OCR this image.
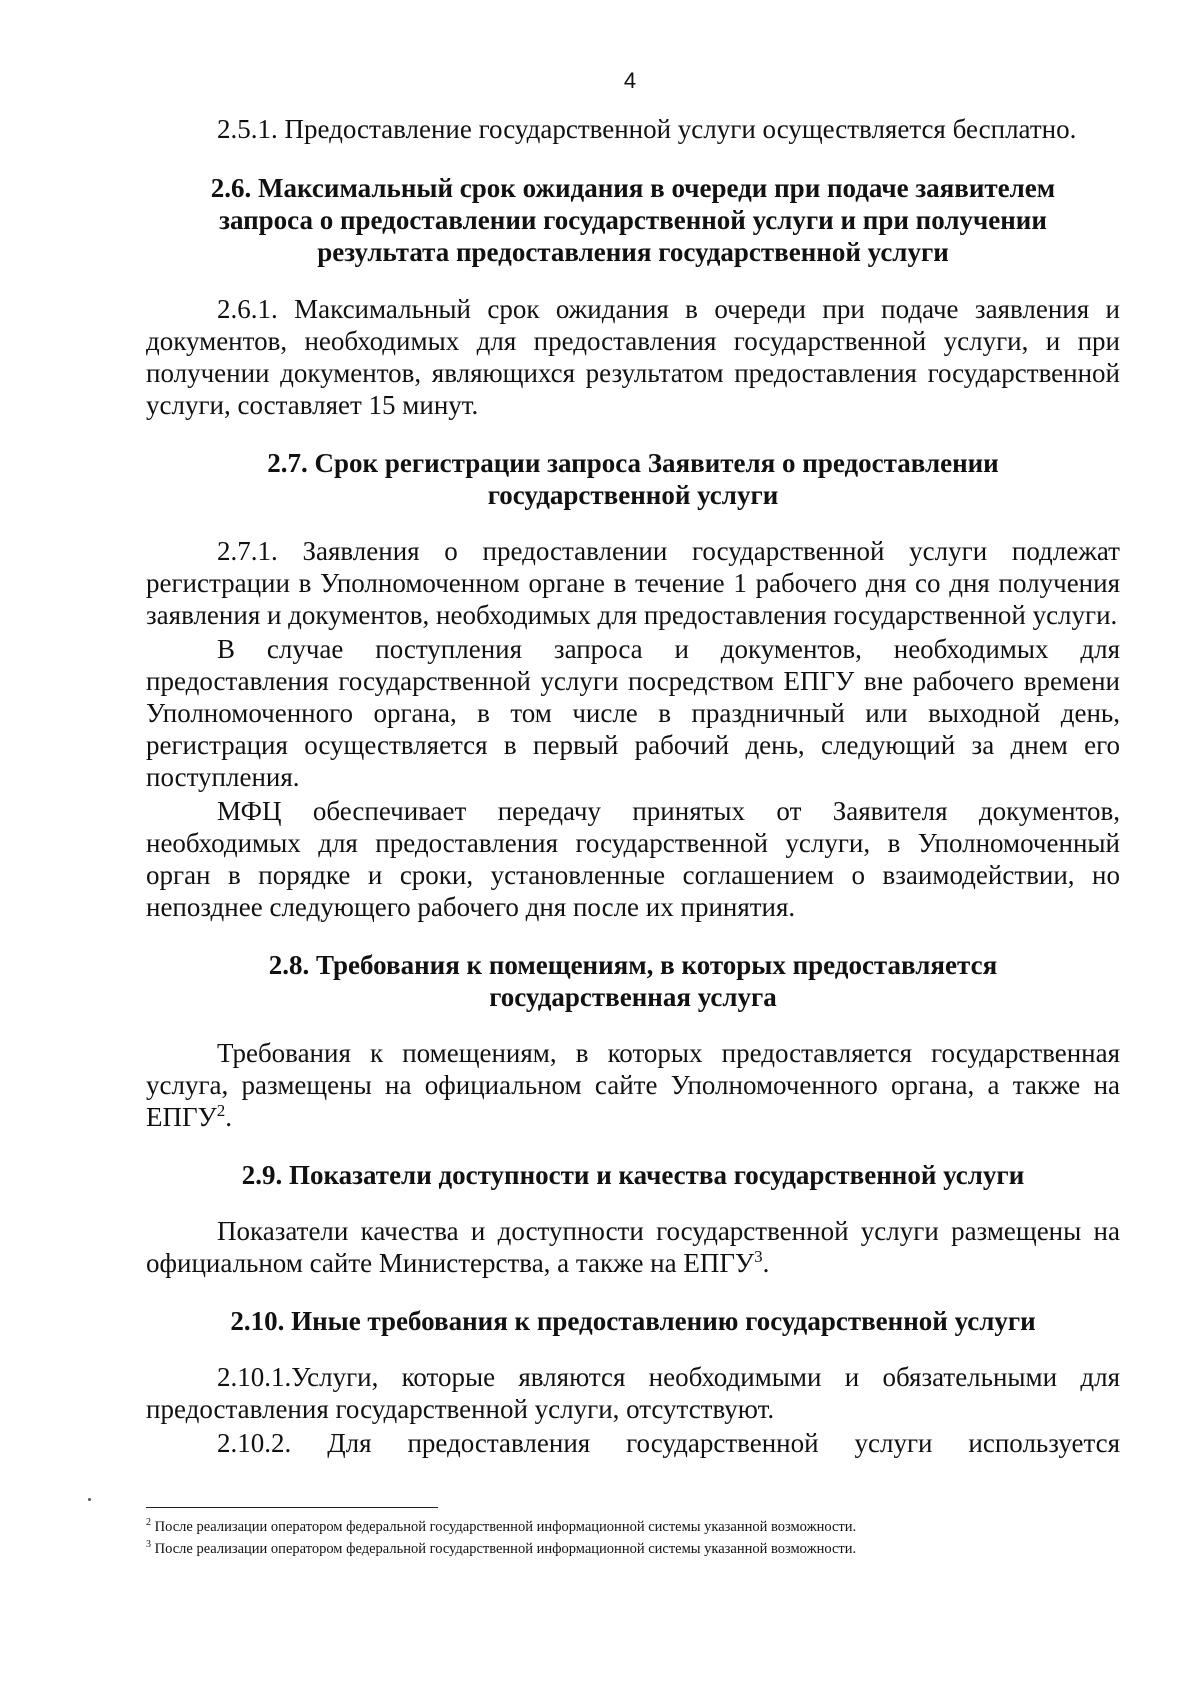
4

2.5.1. Предоставление государственной услуги осуществляется бесплатно.

2.6. Максимальный срок ожидания в очереди при подаче заявителем
запроса о предоставлении государственной услуги и при получении
результата предоставления государственной услуги

2.6.1. Максимальный срок ожидания в очереди при подаче заявления и документов, необходимых для предоставления государственной услуги, и при получении документов, являющихся результатом предоставления государственной услуги, составляет 15 минут.

2.7. Срок регистрации запроса Заявителя о предоставлении
государственной услуги

2.7.1. Заявления о предоставлении государственной услуги подлежат регистрации в Уполномоченном органе в течение 1 рабочего дня со дня получения заявления и документов, необходимых для предоставления государственной услуги.

В случае поступления запроса и документов, необходимых для предоставления государственной услуги посредством ЕПГУ вне рабочего времени Уполномоченного органа, в том числе в праздничный или выходной день, регистрация осуществляется в первый рабочий день, следующий за днем его поступления.

МФЦ обеспечивает передачу принятых от Заявителя документов, необходимых для предоставления государственной услуги, в Уполномоченный орган в порядке и сроки, установленные соглашением о взаимодействии, но непозднее следующего рабочего дня после их принятия.

2.8. Требования к помещениям, в которых предоставляется
государственная услуга

Требования к помещениям, в которых предоставляется государственная услуга, размещены на официальном сайте Уполномоченного органа, а также на ЕПГУ$^2$.

2.9. Показатели доступности и качества государственной услуги

Показатели качества и доступности государственной услуги размещены на официальном сайте Министерства, а также на ЕПГУ$^3$.

2.10. Иные требования к предоставлению государственной услуги

2.10.1.Услуги, которые являются необходимыми и обязательными для предоставления государственной услуги, отсутствуют.

2.10.2. Для предоставления государственной услуги используется

$^2$ После реализации оператором федеральной государственной информационной системы указанной возможности.

$^3$ После реализации оператором федеральной государственной информационной системы указанной возможности.
